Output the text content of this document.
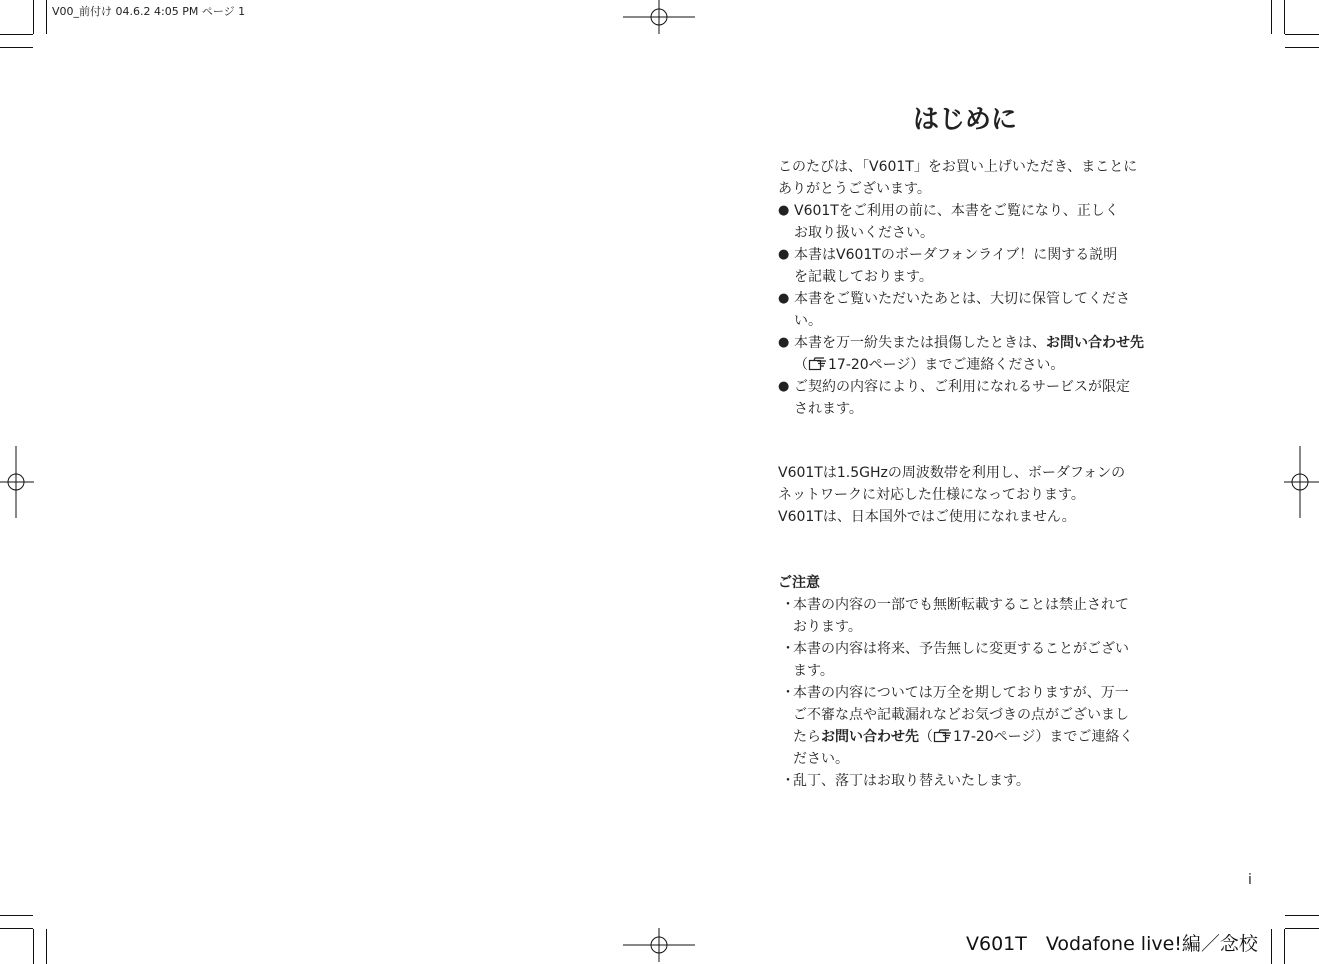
V00_前付け 04.6.2 4:05 PM ページ 1
はじめに

このたびは、「V601T」をお買い上げいただき、まことに
ありがとうございます。

● V601Tをご利用の前に、本書をご覧になり、正しく
お取り扱いください。
● 本書はV601Tのボーダフォンライブ！に関する説明
を記載しております。
● 本書をご覧いただいたあとは、大切に保管してくださ
い。
● 本書を万一紛失または損傷したときは、お問い合わせ先（ 17-20ページ）までご連絡ください。
● ご契約の内容により、ご利用になれるサービスが限定
されます。

V601Tは1.5GHzの周波数帯を利用し、ボーダフォンの
ネットワークに対応した仕様になっております。
V601Tは、日本国外ではご使用になれません。

ご注意

・
本書の内容の一部でも無断転載することは禁止されて
おります。
・
本書の内容は将来、予告無しに変更することがござい
ます。
・
本書の内容については万全を期しておりますが、万一
ご不審な点や記載漏れなどお気づきの点がございまし
たらお問い合わせ先（ 17-20ページ）までご連絡く
ださい。
・
乱丁、落丁はお取り替えいたします。
i
V601T　Vodafone live!編／念校
